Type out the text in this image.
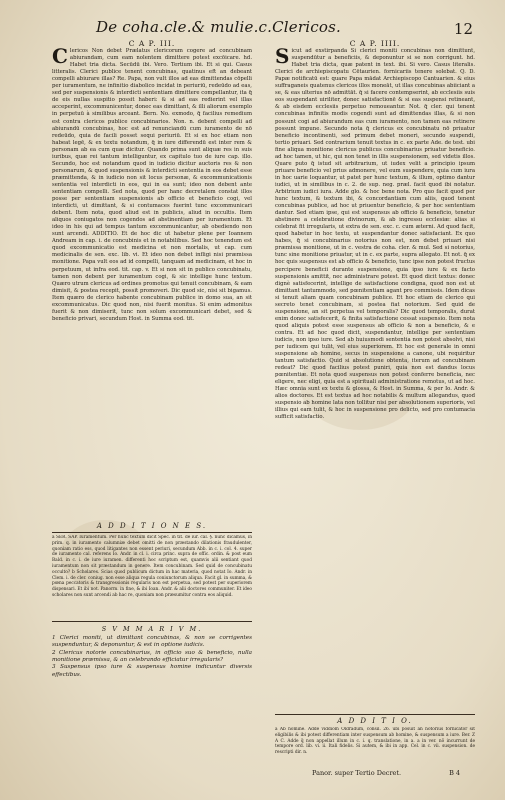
De coha.cle.& mulie.c.Clericos.	12
C A P. III.
Clericos Non debet Prælatus clericorum cogere ad concubinam abiurandam, cum eam nolentem dimittere potest excōicare. hd. Habet tria dicta. Secūdū ibi. Vero. Tertium ibi. Et si qui. Casus litteralis. Clerici publice tenent concubinas, quatinus eft an debeant compelli abiurare illas? Re. Papa, non vult illos ad eas dimittendas cōpelli per iuramentum, ne infinitio diabolico incidat in periuriū, redeūdo ad eas, sed per suspensionis & interdicti sententiam dimittere compellantur, ita q̄ de eis nullas suspitio possit haberi: & si ad eas redierint vel illas acceperint, excommunicentur, donec eas dimittant, & illi aliorum exemplo in perpetuū à similibus arceant. Bern. No. exmodo, q̄ facilius remedium est contra clericos publice concubinarios. Non. n. debent compelli ad abiurandū concubinas, hoc est ad renunciandū cum iuramento de nō redeūdo, quia de facili posset sequi periuriū. Et si ex hoc etiam non habeat legē, & ex textu notandum, q̄ in iure differendū est inter rem & personam ab ea cum quæ dicitur. Quando prima sunt aliquæ res in suis iuribus, quæ rei tantum intelliguntur, ex capitulo tuo de iure cap. illo. Secundo, hoc est notandum quod in iudicio dicitur auctoris res & non personarum, & quod suspensionis & interdicti sententia in eos debet esse præmittenda, & in iudicio non sit locus personæ, & excommunicationis sententia vel interdicti in eos, qui in ea sunt; ideo non debent ante sententiam compelli. Sed nota, quod per hanc decretalem constat illos posse per sententiam suspensionis ab officio et beneficio cogi, vel interdicti, ut dimittant, & si contumaces fuerint tunc excommunicari debent. Item nota, quod aliud est in publicis, aliud in occultis. Item aliquos coniugatos non cogendos ad abstinentiam per iuramentum. Et ideo in his qui ad tempus tantum excommunicantur, ab obediendo non sunt arcendi. ADDITIO. Et de hoc dic ut habetur plene per Ioannem Andream in cap. i. de concubinis et in notabilibus. Sed hoc tenendum est quod excommunicatio est medicina et non mortalis, ut cap. cum medicinalis de sen. exc. lib. vi. Et ideo non debet infligi nisi præmissa monitione. Papa vult eos ad id compelli, tanquam ad medicinam, et hoc in perpetuum, ut infra eod. tit. cap. v. Et si non sit in publico concubinatu, tamen non debent per iuramentum cogi, & sic intellige hunc textum. Quæro utrum clericus ad ordines promotus qui tenuit concubinam, & eam dimisit, & postea recepit, possit promoveri. Dic quod sic, nisi sit bigamus. Item quæro de clerico habente concubinam publice in domo sua, an sit excommunicatus. Dic quod non, nisi fuerit monitus. Si enim admonitus fuerit & non dimiserit, tunc non solum excommunicari debet, sed & beneficio privari, secundum Host. in Summa eod. tit.
A D D I T I O N E S.
a SER. SAP. Iuramentum. Per hunc textum dicit Spec. in tit. de iur. cal. §. nunc dicamus, in prim. q. in iuramento calumniæ debet omitti de non præstando dilationis fraudulenter, quoniam ratio ess, quod litigantes non essent periuri, secundum Abb. in c. i. col. 4. super de iuramento cal. referens Io. Andr. in cl. i. circa princ. supra de offic. ordin. & post eum Bald. in c. i. de iure iuramen. differenti hoc scriptum est, quamvis alii sentiant quod iuramentum non sit præstandum in genere. Item concubinam. Sed quid de concubinatu occulto? b Scholares. Scias quod publicum dictum in hac materia, quod notat Io. Andr. in Clem. i. de cler. coniug. non esse aliqua regula coniunctorum aliqua. Facit gl. in summa, & pœna peccatoris & transgressionis regularis non est perpetua, sed potest per superiorem dispensari. Et ibi not. Panorm. in fine, & ibi Ioan. Andr. & alii doctores communiter. Et ideo scholares non sunt arcendi ab hac re, quoniam non præsumitur contra eos aliquid.
S V M M A R I V M.
1 Clerici moniti, ut dimittant concubinas, & non se corrigentes suspenduntur, & deponuntur, & est in optione iudicis.
2 Clericus notorie concubinarius, in officio suo & beneficio, nulla monitione præmissa, & an celebrando efficiatur irregularis?
3 Suspensus ipso iure & suspensus homine indicuntur diversis effectibus.
C A P. IIII.
Sicut ad exstirpanda Si clerici moniti concubinas non dimittunt, suspendūtur a beneficiis, & deponuntur si se non corrigunt. hd. Habet tria dicta, quæ patent in text. ibi. Si vero. Casus literalis. Clerici de archiepiscopatu Cētaurien. fornicariis tenere solebat. Q. D. Papæ notificatū est: quare Papa mādat Archiepiscopo Cantuarien. & eius suffraganeis quatenus clericos illos moneāt, ut illas concubinas abiiciant a se, & eas ulterius nō admittāt. q̄ si facere contempserint, ab ecclesiis suis eos suspendant uiriliter, donec satisfactionē & si eas suspensi retineant, & ab eisdem ecclesiis perpetuo remoueantur. Not. q̄ cler. qui tenent concubinas infinitis modis cogendi sunt ad dimittendas illas, & si non possunt cogi ad abiurandum eas cum iuramento, non tamen eas retinere possunt impune. Secundo nota q̄ clericus ex concubinatu nō priuatur beneficio incontinenti, sed primum debet moneri, secundo suspendi, tertio priuari. Sed contrarium tenuit textus in c. ex parte Ade. de test. ubi fine aliqua monitione clericus publicus concubinarius priuatur beneficio. ad hoc tamen, ut hic, qui non tenet in illis suspensionem, sed videtis illos. Quare puto q̄ istud sit arbitrarium, ut iudex velit a principio ipsum priuare beneficio vel prius admonere, vel eum suspendere, quia cum iura in hoc uarie loquantur, ut patet per hunc textum, & illum, optimo dantur iudici, ut in similibus in c. 2. de sup. neg. præl. facit quod ibi notatur. Arbitrium iudici iura. Adde glo. & hoc bene nota. Pro quo facit quod per hunc textum, & textum ibi, & concordantiam cum aliis, quod tenent concubinas publice, ad hoc ut priuentur beneficio, & per hoc sententiam dantur. Sed etiam ipse, qui est suspensus ab officio & beneficio, tenetur abstinere a celebratione divinorum, & ab ingressu ecclesiæ: alias si celebrat fit irregularis, ut extra de sen. exc. c. cum æterni. Ad quod facit, quod habetur in hoc textu, ut suspendantur donec satisfaciant. Ex quo habes, q̄ si concubinarius notorius non est, non debet priuari nisi præmissa monitione, ut in c. vestra de coha. cler. & mul. Sed si notorius, tunc sine monitione priuatur, ut in c. ex parte, supra allegato. Et not. q̄ ex hoc quis suspensus est ab officio & beneficio, tunc ipse non potest fructus percipere beneficii durante suspensione, quia ipso iure & ex facto suspensionis amittit, nec administrare potest. Et quod dicit textus: donec dignè satisfecerint, intellige de satisfactione condigna, quod non est ut dimittant tantummodo, sed pœnitentiam agant pro commissis. Idem dicas si tenuit aliam quam concubinam publice. Et hoc etiam de clerico qui secreto tenet concubinam, si postea fiat notorium. Sed quid de suspensione, an sit perpetua vel temporalis? Dic quod temporalis, durat enim donec satisfecerit, & finita satisfactione cessat suspensio. Item nota quod aliquis potest esse suspensus ab officio & non a beneficio, & e contra. Et ad hoc quod dicit, suspendantur, intellige per sententiam iudicis, non ipso iure. Sed ab huiusmodi sententia non potest absolvi, nisi per iudicem qui tulit, vel eius superiorem. Et hoc est generale in omni suspensione ab homine, secus in suspensione a canone, ubi requiritur tantum satisfactio. Quid si absolutione obtenta, iterum ad concubinam redeat? Dic quod facilius potest puniri, quia non est dandus locus pœnitentiæ. Et nota quod suspensus non potest conferre beneficia, nec eligere, nec eligi, quia est a spirituali administratione remotus, ut ad hoc. Hæc omnia sunt ex textu & glossa, & Host. in Summa, & per Io. Andr. & alios doctores. Et est textus ad hoc notabilis & multum allegandus, quod suspensio ab homine lata non tollitur nisi per absolutionem superioris, vel illius qui eam tulit, & hoc in suspensione pro delicto, sed pro contumacia sufficit satisfactio.
A D D I T I O.
a Ab homine. Adde viddiom Oldradum, consil. 26. ubi posuit an notorius fornicator sit eligibilis & ibi potest differentiam inter suspensum ab homine, & suspensum a iure. Ber. Z A C. Adde q̄ non appellat illum in c. i. q. translatione, in a. a in ver. nō incurrunt de tempore ord. lib. vi. ii. Itali fidelis. Si autem, & ibi in app. Cel. in c. vii. suspension. de rescripti dir. n.
Panor. super Tertio Decret.	B 4
